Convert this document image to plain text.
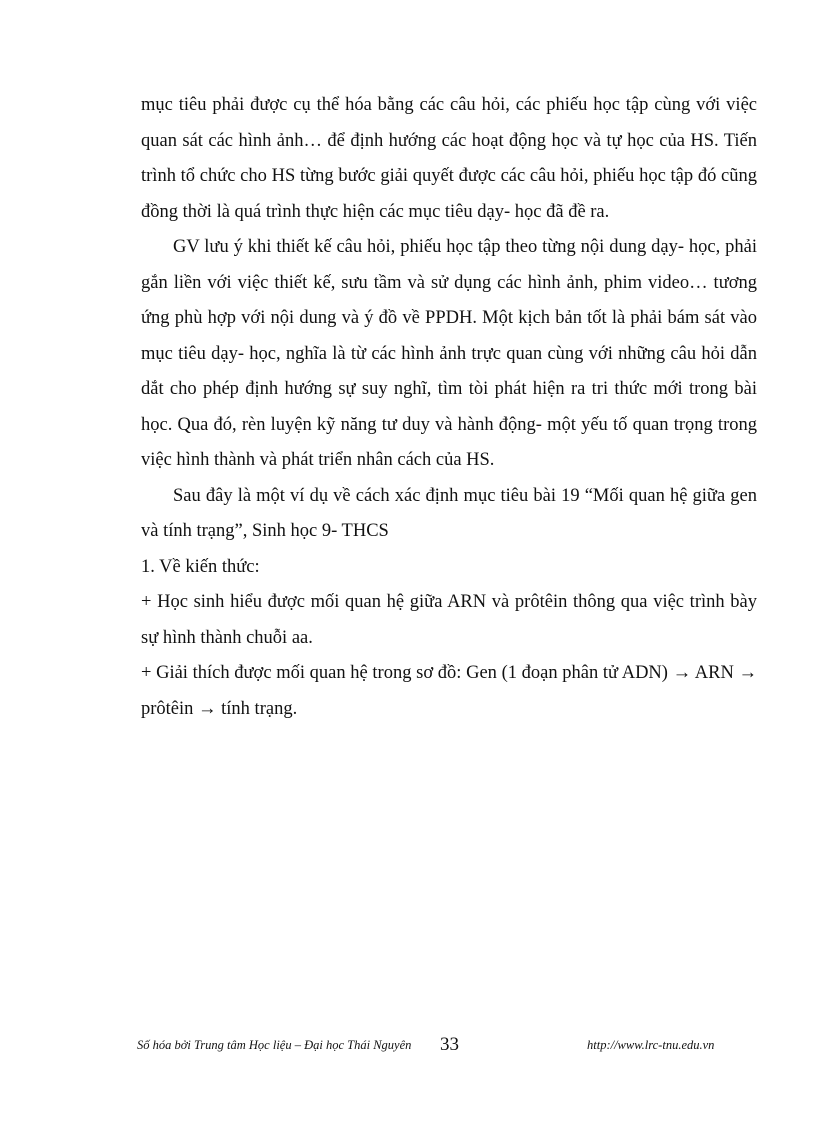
mục tiêu phải được cụ thể hóa bằng các câu hỏi, các phiếu học tập cùng với việc quan sát các hình ảnh… để định hướng các hoạt động học và tự học của HS. Tiến trình tổ chức cho HS từng bước giải quyết được các câu hỏi, phiếu học tập đó cũng đồng thời là quá trình thực hiện các mục tiêu dạy- học đã đề ra.

GV lưu ý khi thiết kế câu hỏi, phiếu học tập theo từng nội dung dạy- học, phải gắn liền với việc thiết kế, sưu tầm và sử dụng các hình ảnh, phim video… tương ứng phù hợp với nội dung và ý đồ về PPDH. Một kịch bản tốt là phải bám sát vào mục tiêu dạy- học, nghĩa là từ các hình ảnh trực quan cùng với những câu hỏi dẫn dắt cho phép định hướng sự suy nghĩ, tìm tòi phát hiện ra tri thức mới trong bài học. Qua đó, rèn luyện kỹ năng tư duy và hành động- một yếu tố quan trọng trong việc hình thành và phát triển nhân cách của HS.

Sau đây là một ví dụ về cách xác định mục tiêu bài 19 “Mối quan hệ giữa gen và tính trạng”, Sinh học 9- THCS

1. Về kiến thức:

+ Học sinh hiểu được mối quan hệ giữa ARN và prôtêin thông qua việc trình bày sự hình thành chuỗi aa.

+ Giải thích được mối quan hệ trong sơ đồ: Gen (1 đoạn phân tử ADN) → ARN → prôtêin → tính trạng.

Số hóa bởi Trung tâm Học liệu – Đại học Thái Nguyên 33	http://www.lrc-tnu.edu.vn
